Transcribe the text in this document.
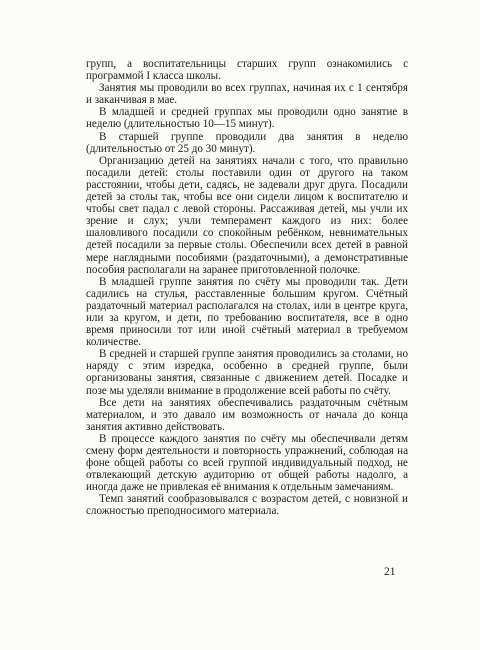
групп, а воспитательницы старших групп ознакомились с программой I класса школы.

Занятия мы проводили во всех группах, начиная их с 1 сентября и заканчивая в мае.

В младшей и средней группах мы проводили одно занятие в неделю (длительностью 10—15 минут).

В старшей группе проводили два занятия в неделю (длительностью от 25 до 30 минут).

Организацию детей на занятиях начали с того, что правильно посадили детей: столы поставили один от другого на таком расстоянии, чтобы дети, садясь, не задевали друг друга. Посадили детей за столы так, чтобы все они сидели лицом к воспитателю и чтобы свет падал с левой стороны. Рассаживая детей, мы учли их зрение и слух; учли темперамент каждого из них: более шаловливого посадили со спокойным ребёнком, невнимательных детей посадили за первые столы. Обеспечили всех детей в равной мере наглядными пособиями (раздаточными), а демонстративные пособия располагали на заранее приготовленной полочке.

В младшей группе занятия по счёту мы проводили так. Дети садились на стулья, расставленные большим кругом. Счётный раздаточный материал располагался на столах, или в центре круга, или за кругом, и дети, по требованию воспитателя, все в одно время приносили тот или иной счётный материал в требуемом количестве.

В средней и старшей группе занятия проводились за столами, но наряду с этим изредка, особенно в средней группе, были организованы занятия, связанные с движением детей. Посадке и позе мы уделяли внимание в продолжение всей работы по счёту.

Все дети на занятиях обеспечивались раздаточным счётным материалом, и это давало им возможность от начала до конца занятия активно действовать.

В процессе каждого занятия по счёту мы обеспечивали детям смену форм деятельности и повторность упражнений, соблюдая на фоне общей работы со всей группой индивидуальный подход, не отвлекающий детскую аудиторию от общей работы надолго, а иногда даже не привлекая её внимания к отдельным замечаниям.

Темп занятий сообразовывался с возрастом детей, с новизной и сложностью преподносимого материала.

21
